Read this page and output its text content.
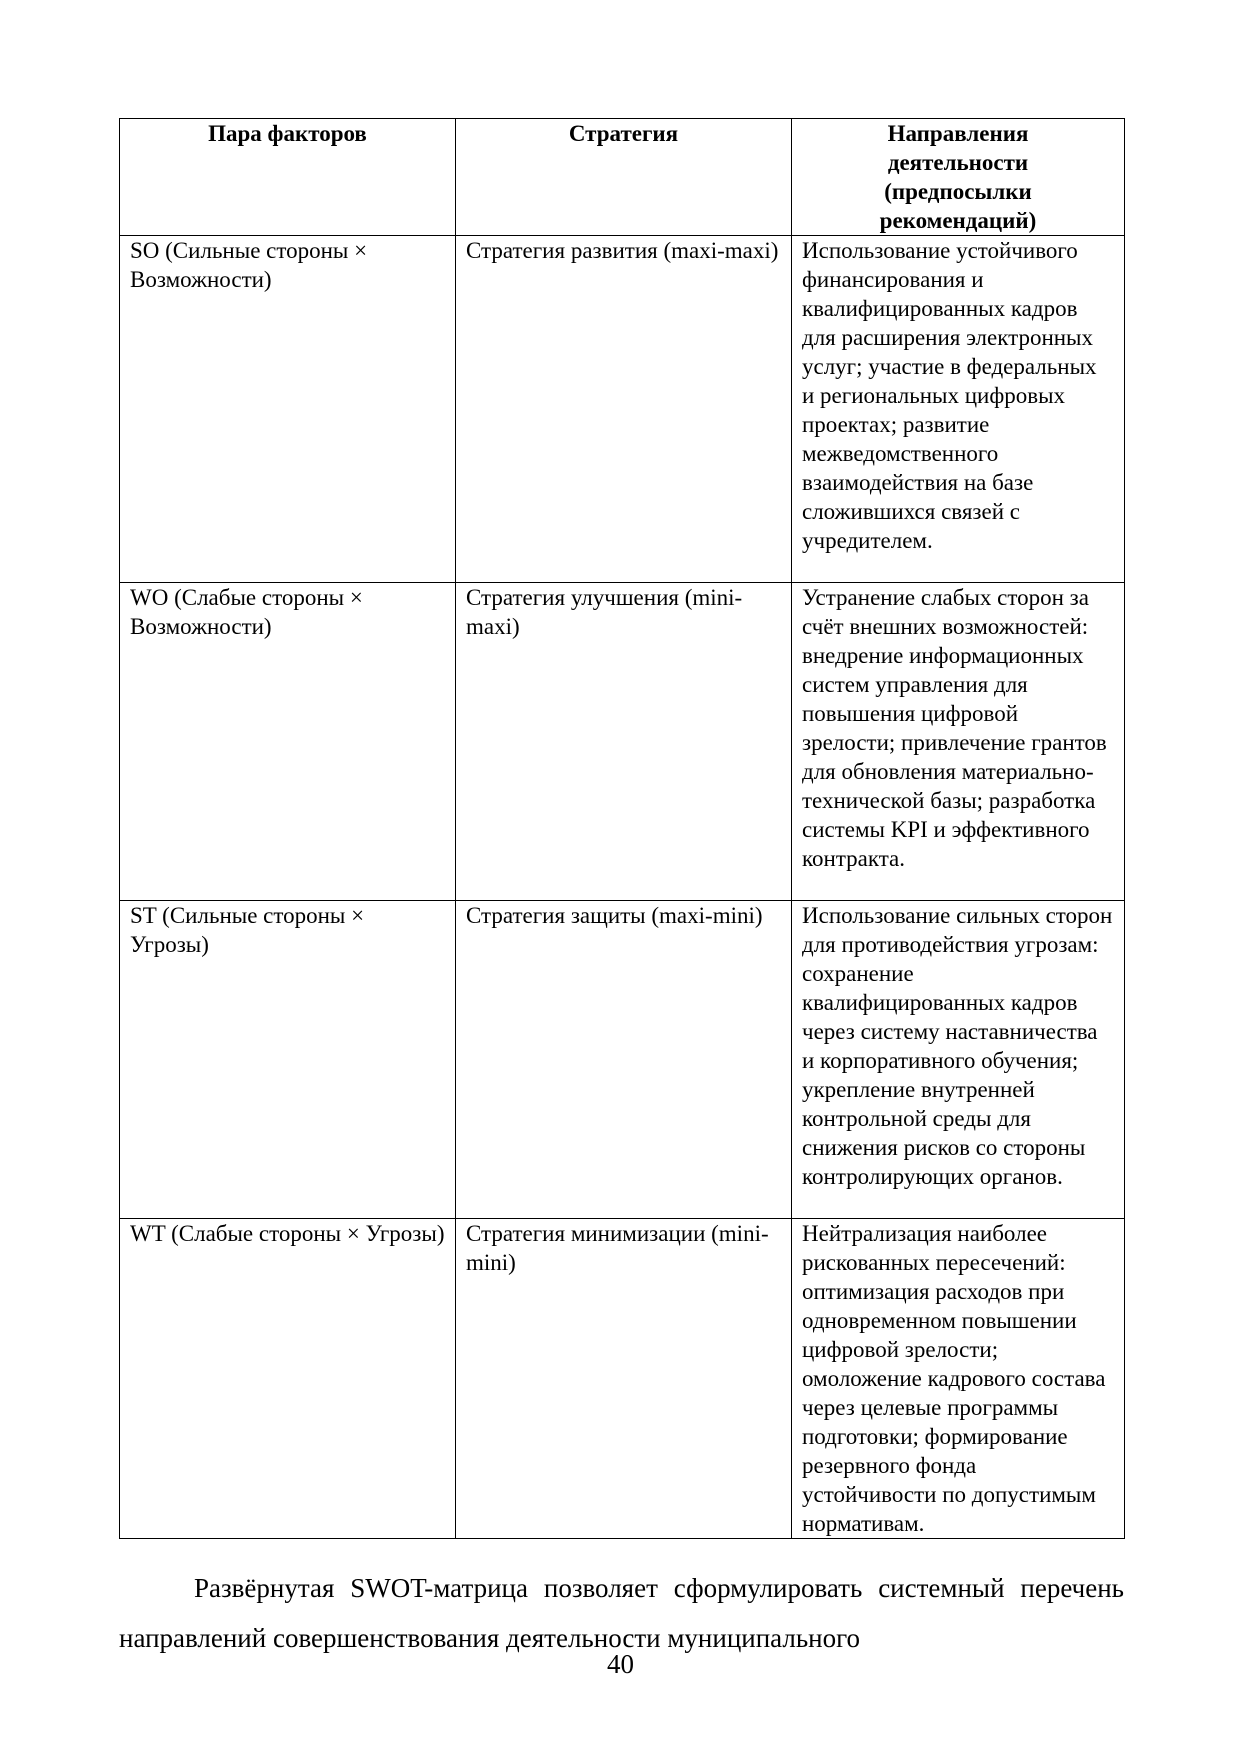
Пара факторов	Стратегия	Направления деятельности (предпосылки рекомендаций)
SO (Сильные стороны × Возможности)	Стратегия развития (maxi-maxi)	Использование устойчивого финансирования и квалифицированных кадров для расширения электронных услуг; участие в федеральных и региональных цифровых проектах; развитие межведомственного взаимодействия на базе сложившихся связей с учредителем.
WO (Слабые стороны × Возможности)	Стратегия улучшения (mini-maxi)	Устранение слабых сторон за счёт внешних возможностей: внедрение информационных систем управления для повышения цифровой зрелости; привлечение грантов для обновления материально-технической базы; разработка системы KPI и эффективного контракта.
ST (Сильные стороны × Угрозы)	Стратегия защиты (maxi-mini)	Использование сильных сторон для противодействия угрозам: сохранение квалифицированных кадров через систему наставничества и корпоративного обучения; укрепление внутренней контрольной среды для снижения рисков со стороны контролирующих органов.
WT (Слабые стороны × Угрозы)	Стратегия минимизации (mini-mini)	Нейтрализация наиболее рискованных пересечений: оптимизация расходов при одновременном повышении цифровой зрелости; омоложение кадрового состава через целевые программы подготовки; формирование резервного фонда устойчивости по допустимым нормативам.

Развёрнутая SWOT-матрица позволяет сформулировать системный перечень направлений совершенствования деятельности муниципального

40
